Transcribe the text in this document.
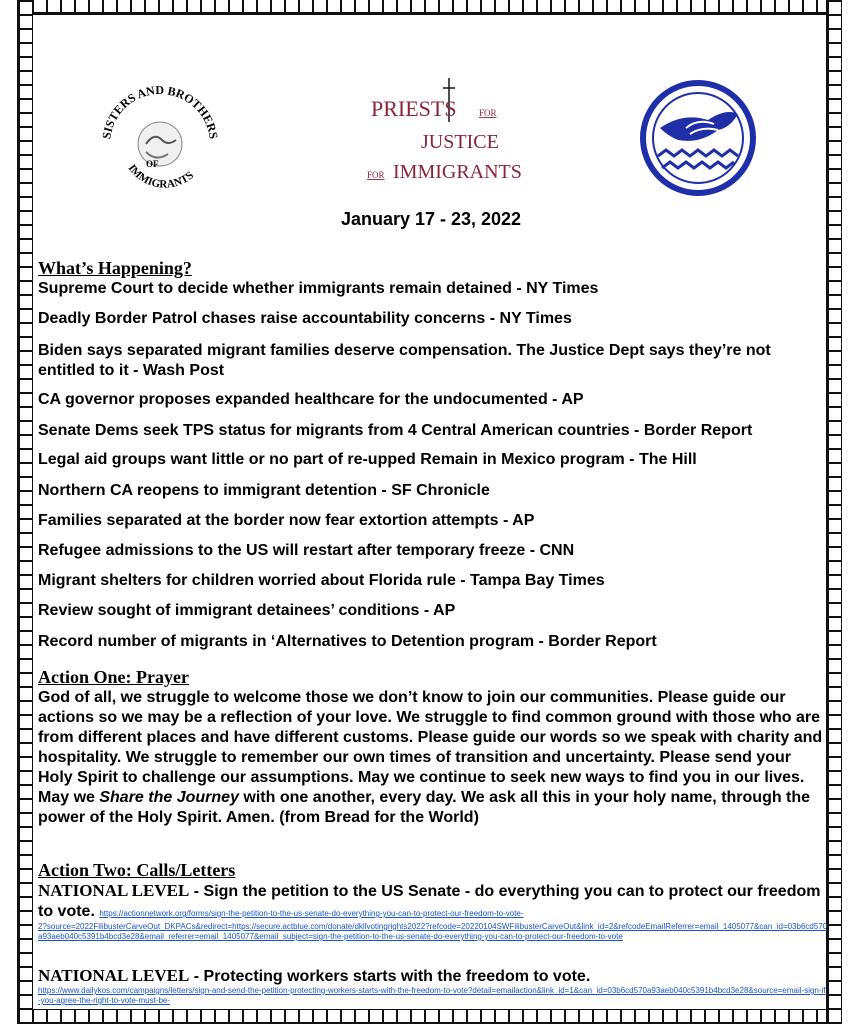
SISTERS AND BROTHERS
OF
IMMIGRANTS
PRIESTS FOR
JUSTICE
FOR IMMIGRANTS
January 17 - 23, 2022
What’s Happening?
Supreme Court to decide whether immigrants remain detained - NY Times
Deadly Border Patrol chases raise accountability concerns - NY Times
Biden says separated migrant families deserve compensation. The Justice Dept says they’re not entitled to it - Wash Post
CA governor proposes expanded healthcare for the undocumented - AP
Senate Dems seek TPS status for migrants from 4 Central American countries - Border Report
Legal aid groups want little or no part of re-upped Remain in Mexico program - The Hill
Northern CA reopens to immigrant detention - SF Chronicle
Families separated at the border now fear extortion attempts - AP
Refugee admissions to the US will restart after temporary freeze - CNN
Migrant shelters for children worried about Florida rule - Tampa Bay Times
Review sought of immigrant detainees’ conditions - AP
Record number of migrants in ‘Alternatives to Detention program - Border Report
Action One: Prayer
God of all, we struggle to welcome those we don’t know to join our communities. Please guide our actions so we may be a reflection of your love. We struggle to find common ground with those who are from different places and have different customs. Please guide our words so we speak with charity and hospitality. We struggle to remember our own times of transition and uncertainty. Please send your Holy Spirit to challenge our assumptions. May we continue to seek new ways to find you in our lives. May we Share the Journey with one another, every day. We ask all this in your holy name, through the power of the Holy Spirit. Amen. (from Bread for the World)
Action Two: Calls/Letters
NATIONAL LEVEL - Sign the petition to the US Senate - do everything you can to protect our freedom to vote. https://actionnetwork.org/forms/sign-the-petition-to-the-us-senate-do-everything-you-can-to-protect-our-freedom-to-vote-
2?source=2022FilibusterCarveOut_DKPACs&redirect=https://secure.actblue.com/donate/dkllvotingrights2022?refcode=20220104SWFilibusterCarveOut&link_id=2&refcodeEmailReferrer=email_1405077&can_id=03b6cd570a93aeb040c5391b4bcd3e28&email_referrer=email_1405077&email_subject=sign-the-petition-to-the-us-senate-do-everything-you-can-to-protect-our-freedom-to-vote
NATIONAL LEVEL - Protecting workers starts with the freedom to vote.
https://www.dailykos.com/campaigns/letters/sign-and-send-the-petition-protecting-workers-starts-with-the-freedom-to-vote?detail=emailaction&link_id=1&can_id=03b6cd570a93aeb040c5391b4bcd3e28&source=email-sign-if-you-agree-the-right-to-vote-must-be-
